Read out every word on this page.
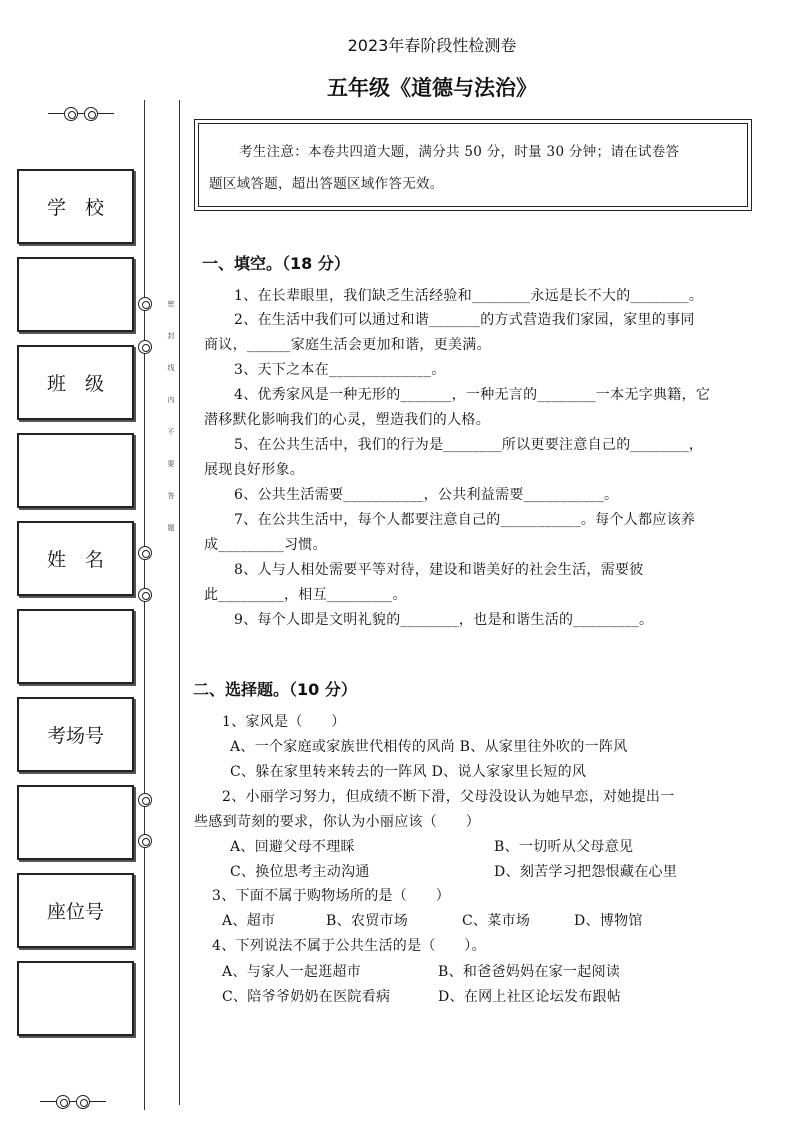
2023年春阶段性检测卷
五年级《道德与法治》
学　校
班　级
姓　名
考场号
座位号
密　封　线　内　不　要　答　题
考生注意：本卷共四道大题，满分共 50 分，时量 30 分钟；请在试卷答
题区域答题，超出答题区域作答无效。
一、填空。（18 分）
1、在长辈眼里，我们缺乏生活经验和________永远是长不大的________。
2、在生活中我们可以通过和谐_______的方式营造我们家园，家里的事同
商议，______家庭生活会更加和谐，更美满。
3、天下之本在______________。
4、优秀家风是一种无形的_______，一种无言的________一本无字典籍，它
潜移默化影响我们的心灵，塑造我们的人格。
5、在公共生活中，我们的行为是________所以更要注意自己的________，
展现良好形象。
6、公共生活需要___________，公共利益需要___________。
7、在公共生活中，每个人都要注意自己的___________。每个人都应该养
成_________习惯。
8、人与人相处需要平等对待，建设和谐美好的社会生活，需要彼
此_________，相互_________。
9、每个人即是文明礼貌的________，也是和谐生活的_________。
二、选择题。（10 分）
1、家风是（　　）
A、一个家庭或家族世代相传的风尚 B、从家里往外吹的一阵风
C、躲在家里转来转去的一阵风 D、说人家家里长短的风
2、小丽学习努力，但成绩不断下滑，父母没设认为她早恋，对她提出一
些感到苛刻的要求，你认为小丽应该（　　）
A、回避父母不理睬	B、一切听从父母意见
C、换位思考主动沟通	D、刻苦学习把怨恨藏在心里
3、下面不属于购物场所的是（　　）
A、超市	B、农贸市场	C、菜市场	D、博物馆
4、下列说法不属于公共生活的是（　　）。
A、与家人一起逛超市	B、和爸爸妈妈在家一起阅读
C、陪爷爷奶奶在医院看病	D、在网上社区论坛发布跟帖
